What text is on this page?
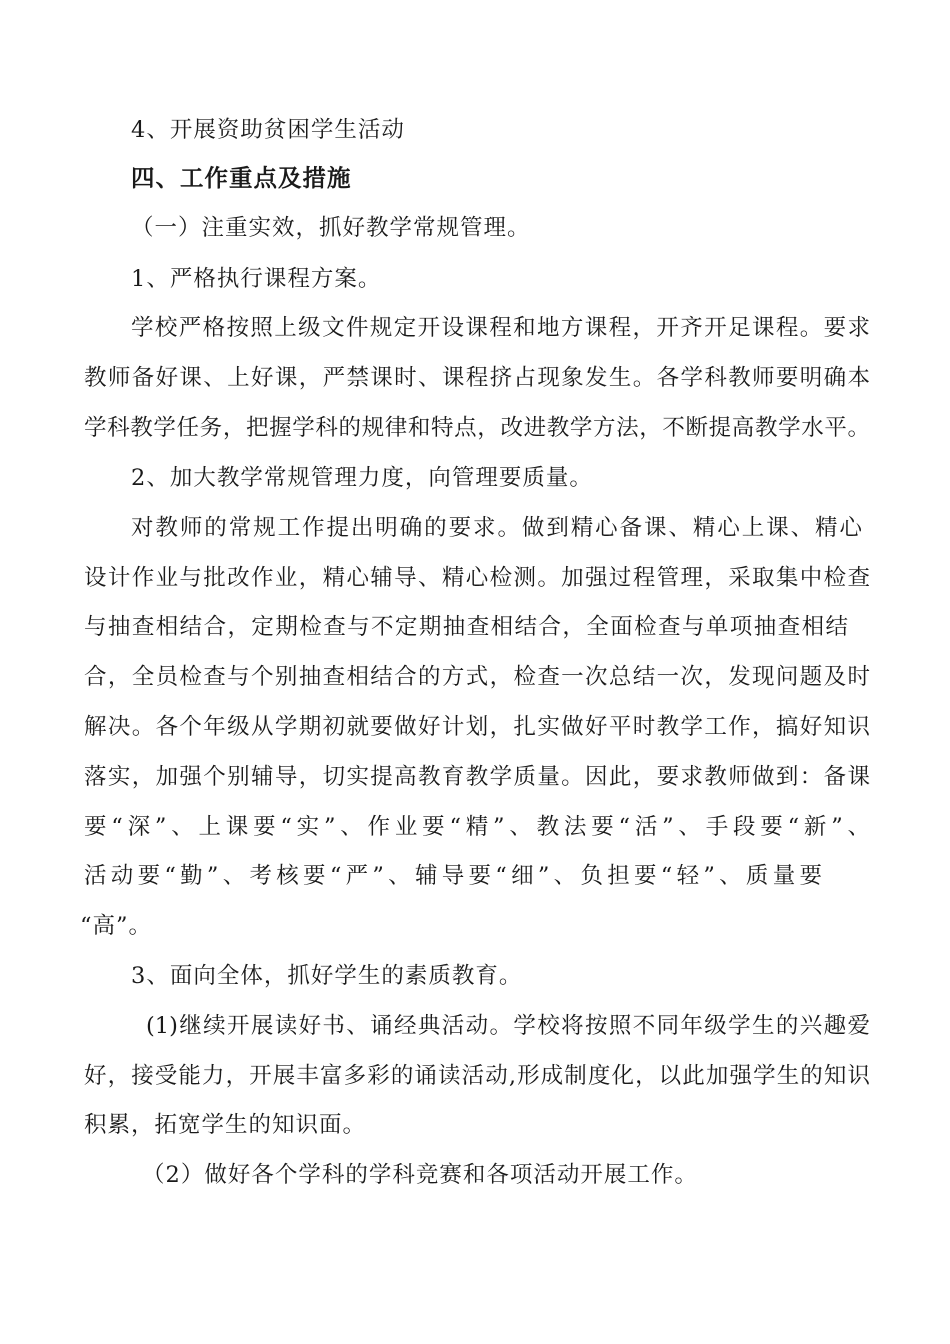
4、开展资助贫困学生活动
四、工作重点及措施
（一）注重实效，抓好教学常规管理。
1、严格执行课程方案。
学校严格按照上级文件规定开设课程和地方课程，开齐开足课程。要求
教师备好课、上好课，严禁课时、课程挤占现象发生。各学科教师要明确本
学科教学任务，把握学科的规律和特点，改进教学方法，不断提高教学水平。
2、加大教学常规管理力度，向管理要质量。
对教师的常规工作提出明确的要求。做到精心备课、精心上课、精心
设计作业与批改作业，精心辅导、精心检测。加强过程管理，采取集中检查
与抽查相结合，定期检查与不定期抽查相结合，全面检查与单项抽查相结
合，全员检查与个别抽查相结合的方式，检查一次总结一次，发现问题及时
解决。各个年级从学期初就要做好计划，扎实做好平时教学工作，搞好知识
落实，加强个别辅导，切实提高教育教学质量。因此，要求教师做到：备课
要“深”、上课要“实”、作业要“精”、教法要“活”、手段要“新”、
活动要“勤”、考核要“严”、辅导要“细”、负担要“轻”、质量要
“高”。
3、面向全体，抓好学生的素质教育。
(1)继续开展读好书、诵经典活动。学校将按照不同年级学生的兴趣爱
好，接受能力，开展丰富多彩的诵读活动,形成制度化，以此加强学生的知识
积累，拓宽学生的知识面。
（2）做好各个学科的学科竞赛和各项活动开展工作。
